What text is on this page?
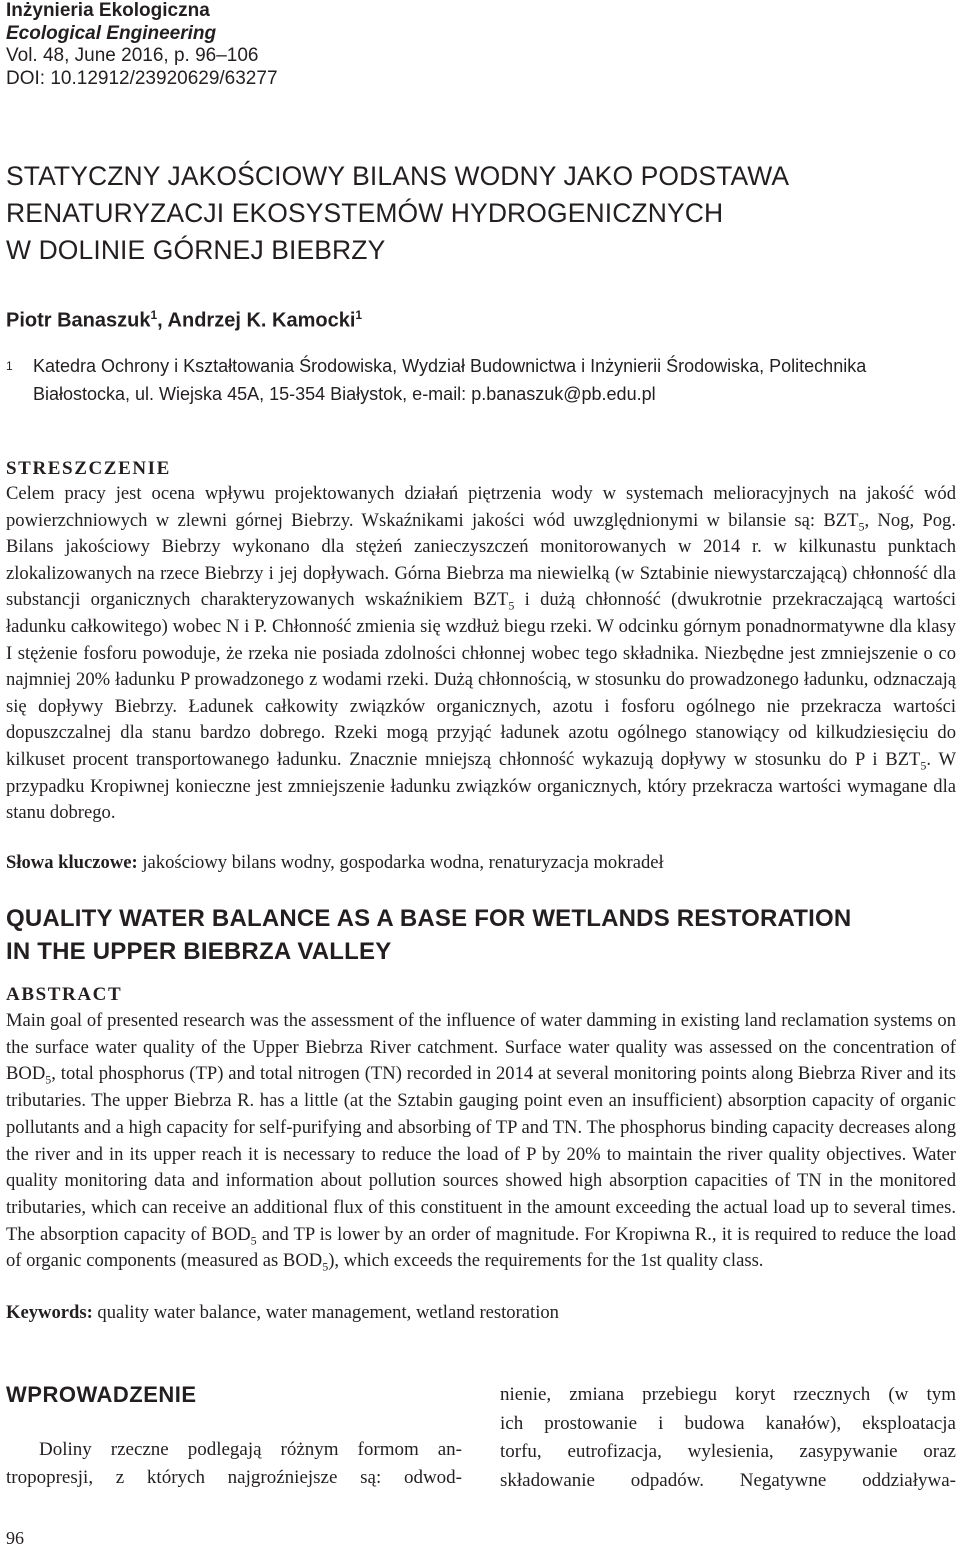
Inżynieria Ekologiczna
Ecological Engineering
Vol. 48, June 2016, p. 96–106
DOI: 10.12912/23920629/63277
STATYCZNY JAKOŚCIOWY BILANS WODNY JAKO PODSTAWA
RENATURYZACJI EKOSYSTEMÓW HYDROGENICZNYCH
W DOLINIE GÓRNEJ BIEBRZY
Piotr Banaszuk$^1$, Andrzej K. Kamocki$^1$
1 Katedra Ochrony i Kształtowania Środowiska, Wydział Budownictwa i Inżynierii Środowiska, Politechnika
Białostocka, ul. Wiejska 45A, 15-354 Białystok, e-mail: p.banaszuk@pb.edu.pl
STRESZCZENIE
Celem pracy jest ocena wpływu projektowanych działań piętrzenia wody w systemach melioracyjnych na jakość wód powierzchniowych w zlewni górnej Biebrzy. Wskaźnikami jakości wód uwzględnionymi w bilansie są: $BZT_5$, Nog, Pog. Bilans jakościowy Biebrzy wykonano dla stężeń zanieczyszczeń monitorowanych w 2014 r. w kilkunastu punktach zlokalizowanych na rzece Biebrzy i jej dopływach. Górna Biebrza ma niewielką (w Sztabinie niewystarczającą) chłonność dla substancji organicznych charakteryzowanych wskaźnikiem $BZT_5$ i dużą chłonność (dwukrotnie przekraczającą wartości ładunku całkowitego) wobec N i P. Chłonność zmienia się wzdłuż biegu rzeki. W odcinku górnym ponadnormatywne dla klasy I stężenie fosforu powoduje, że rzeka nie posiada zdolności chłonnej wobec tego składnika. Niezbędne jest zmniejszenie o co najmniej 20% ładunku P prowadzonego z wodami rzeki. Dużą chłonnością, w stosunku do prowadzonego ładunku, odznaczają się dopływy Biebrzy. Ładunek całkowity związków organicznych, azotu i fosforu ogólnego nie przekracza wartości dopuszczalnej dla stanu bardzo dobrego. Rzeki mogą przyjąć ładunek azotu ogólnego stanowiący od kilkudziesięciu do kilkuset procent transportowanego ładunku. Znacznie mniejszą chłonność wykazują dopływy w stosunku do P i $BZT_5$. W przypadku Kropiwnej konieczne jest zmniejszenie ładunku związków organicznych, który przekracza wartości wymagane dla stanu dobrego.
Słowa kluczowe: jakościowy bilans wodny, gospodarka wodna, renaturyzacja mokradeł
QUALITY WATER BALANCE AS A BASE FOR WETLANDS RESTORATION
IN THE UPPER BIEBRZA VALLEY
ABSTRACT
Main goal of presented research was the assessment of the influence of water damming in existing land reclamation systems on the surface water quality of the Upper Biebrza River catchment. Surface water quality was assessed on the concentration of $BOD_5$, total phosphorus (TP) and total nitrogen (TN) recorded in 2014 at several monitoring points along Biebrza River and its tributaries. The upper Biebrza R. has a little (at the Sztabin gauging point even an insufficient) absorption capacity of organic pollutants and a high capacity for self-purifying and absorbing of TP and TN. The phosphorus binding capacity decreases along the river and in its upper reach it is necessary to reduce the load of P by 20% to maintain the river quality objectives. Water quality monitoring data and information about pollution sources showed high absorption capacities of TN in the monitored tributaries, which can receive an additional flux of this constituent in the amount exceeding the actual load up to several times. The absorption capacity of $BOD_5$ and TP is lower by an order of magnitude. For Kropiwna R., it is required to reduce the load of organic components (measured as $BOD_5$), which exceeds the requirements for the 1st quality class.
Keywords: quality water balance, water management, wetland restoration
WPROWADZENIE
Doliny rzeczne podlegają różnym formom an-
tropopresji, z których najgroźniejsze są: odwod-
nienie, zmiana przebiegu koryt rzecznych (w tym
ich prostowanie i budowa kanałów), eksploatacja
torfu, eutrofizacja, wylesienia, zasypywanie oraz
składowanie odpadów. Negatywne oddziaływa-
96
